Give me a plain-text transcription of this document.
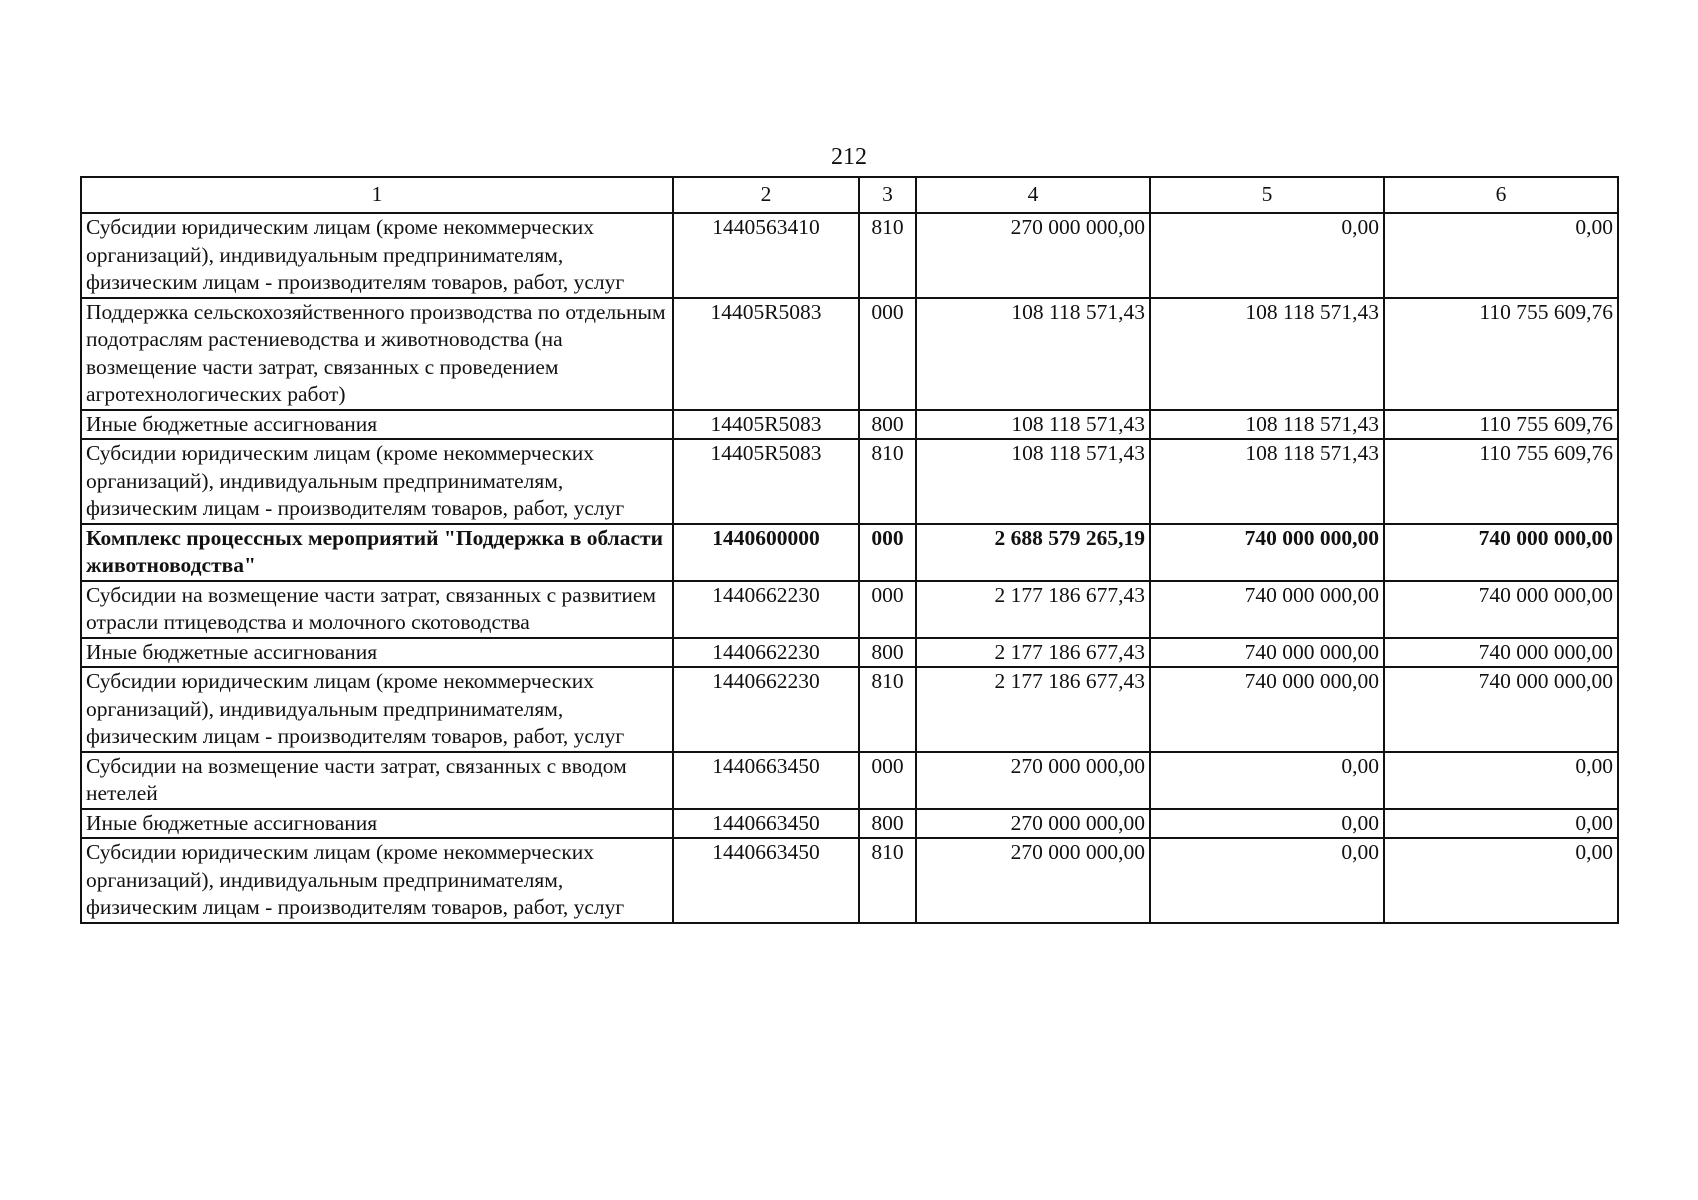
212
1	2	3	4	5	6
Субсидии юридическим лицам (кроме некоммерческих организаций), индивидуальным предпринимателям, физическим лицам - производителям товаров, работ, услуг	1440563410	810	270 000 000,00	0,00	0,00
Поддержка сельскохозяйственного производства по отдельным подотраслям растениеводства и животноводства (на возмещение части затрат, связанных с проведением агротехнологических работ)	14405R5083	000	108 118 571,43	108 118 571,43	110 755 609,76
Иные бюджетные ассигнования	14405R5083	800	108 118 571,43	108 118 571,43	110 755 609,76
Субсидии юридическим лицам (кроме некоммерческих организаций), индивидуальным предпринимателям, физическим лицам - производителям товаров, работ, услуг	14405R5083	810	108 118 571,43	108 118 571,43	110 755 609,76
Комплекс процессных мероприятий "Поддержка в области животноводства"	1440600000	000	2 688 579 265,19	740 000 000,00	740 000 000,00
Субсидии на возмещение части затрат, связанных с развитием отрасли птицеводства и молочного скотоводства	1440662230	000	2 177 186 677,43	740 000 000,00	740 000 000,00
Иные бюджетные ассигнования	1440662230	800	2 177 186 677,43	740 000 000,00	740 000 000,00
Субсидии юридическим лицам (кроме некоммерческих организаций), индивидуальным предпринимателям, физическим лицам - производителям товаров, работ, услуг	1440662230	810	2 177 186 677,43	740 000 000,00	740 000 000,00
Субсидии на возмещение части затрат, связанных с вводом нетелей	1440663450	000	270 000 000,00	0,00	0,00
Иные бюджетные ассигнования	1440663450	800	270 000 000,00	0,00	0,00
Субсидии юридическим лицам (кроме некоммерческих организаций), индивидуальным предпринимателям, физическим лицам - производителям товаров, работ, услуг	1440663450	810	270 000 000,00	0,00	0,00
